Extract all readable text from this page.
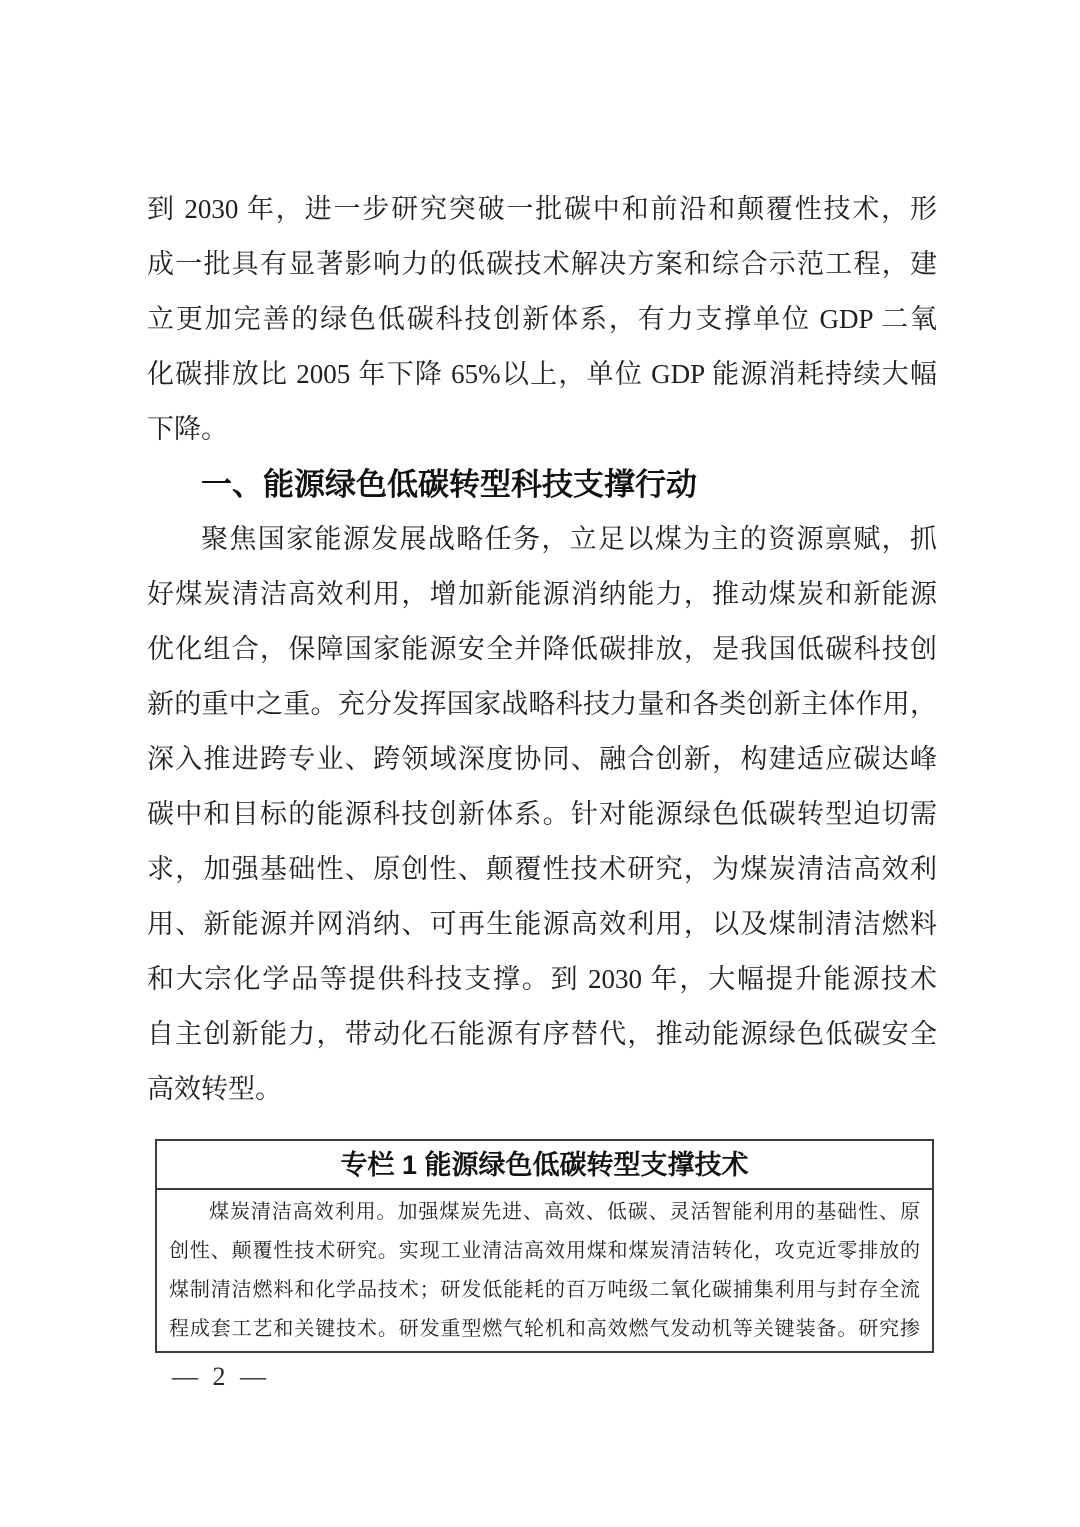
到 2030 年，进一步研究突破一批碳中和前沿和颠覆性技术，形
成一批具有显著影响力的低碳技术解决方案和综合示范工程，建
立更加完善的绿色低碳科技创新体系，有力支撑单位 GDP 二氧
化碳排放比 2005 年下降 65%以上，单位 GDP 能源消耗持续大幅
下降。
一、能源绿色低碳转型科技支撑行动
聚焦国家能源发展战略任务，立足以煤为主的资源禀赋，抓
好煤炭清洁高效利用，增加新能源消纳能力，推动煤炭和新能源
优化组合，保障国家能源安全并降低碳排放，是我国低碳科技创
新的重中之重。充分发挥国家战略科技力量和各类创新主体作用，
深入推进跨专业、跨领域深度协同、融合创新，构建适应碳达峰
碳中和目标的能源科技创新体系。针对能源绿色低碳转型迫切需
求，加强基础性、原创性、颠覆性技术研究，为煤炭清洁高效利
用、新能源并网消纳、可再生能源高效利用，以及煤制清洁燃料
和大宗化学品等提供科技支撑。到 2030 年，大幅提升能源技术
自主创新能力，带动化石能源有序替代，推动能源绿色低碳安全
高效转型。
专栏 1 能源绿色低碳转型支撑技术
煤炭清洁高效利用。加强煤炭先进、高效、低碳、灵活智能利用的基础性、原
创性、颠覆性技术研究。实现工业清洁高效用煤和煤炭清洁转化，攻克近零排放的
煤制清洁燃料和化学品技术；研发低能耗的百万吨级二氧化碳捕集利用与封存全流
程成套工艺和关键技术。研发重型燃气轮机和高效燃气发动机等关键装备。研究掺
— 2 —
